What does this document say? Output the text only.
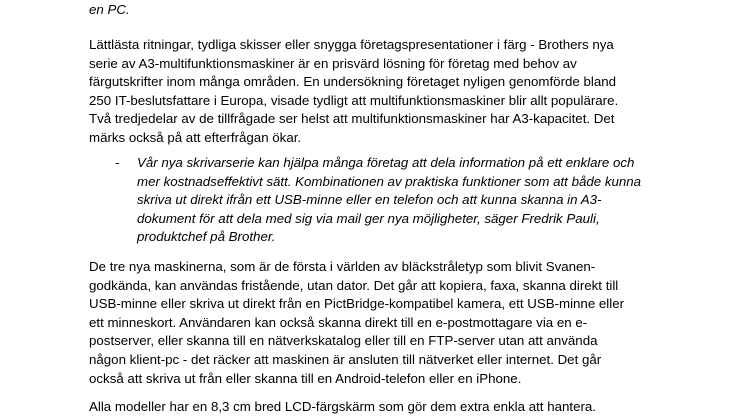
en PC.

Lättlästa ritningar, tydliga skisser eller snygga företagspresentationer i färg - Brothers nya
serie av A3-multifunktionsmaskiner är en prisvärd lösning för företag med behov av
färgutskrifter inom många områden. En undersökning företaget nyligen genomförde bland
250 IT-beslutsfattare i Europa, visade tydligt att multifunktionsmaskiner blir allt populärare.
Två tredjedelar av de tillfrågade ser helst att multifunktionsmaskiner har A3-kapacitet. Det
märks också på att efterfrågan ökar.

- Vår nya skrivarserie kan hjälpa många företag att dela information på ett enklare och
mer kostnadseffektivt sätt. Kombinationen av praktiska funktioner som att både kunna
skriva ut direkt ifrån ett USB-minne eller en telefon och att kunna skanna in A3-
dokument för att dela med sig via mail ger nya möjligheter, säger Fredrik Pauli,
produktchef på Brother.

De tre nya maskinerna, som är de första i världen av bläckstråletyp som blivit Svanen-
godkända, kan användas fristående, utan dator. Det går att kopiera, faxa, skanna direkt till
USB-minne eller skriva ut direkt från en PictBridge-kompatibel kamera, ett USB-minne eller
ett minneskort. Användaren kan också skanna direkt till en e-postmottagare via en e-
postserver, eller skanna till en nätverkskatalog eller till en FTP-server utan att använda
någon klient-pc - det räcker att maskinen är ansluten till nätverket eller internet. Det går
också att skriva ut från eller skanna till en Android-telefon eller en iPhone.

Alla modeller har en 8,3 cm bred LCD-färgskärm som gör dem extra enkla att hantera.
